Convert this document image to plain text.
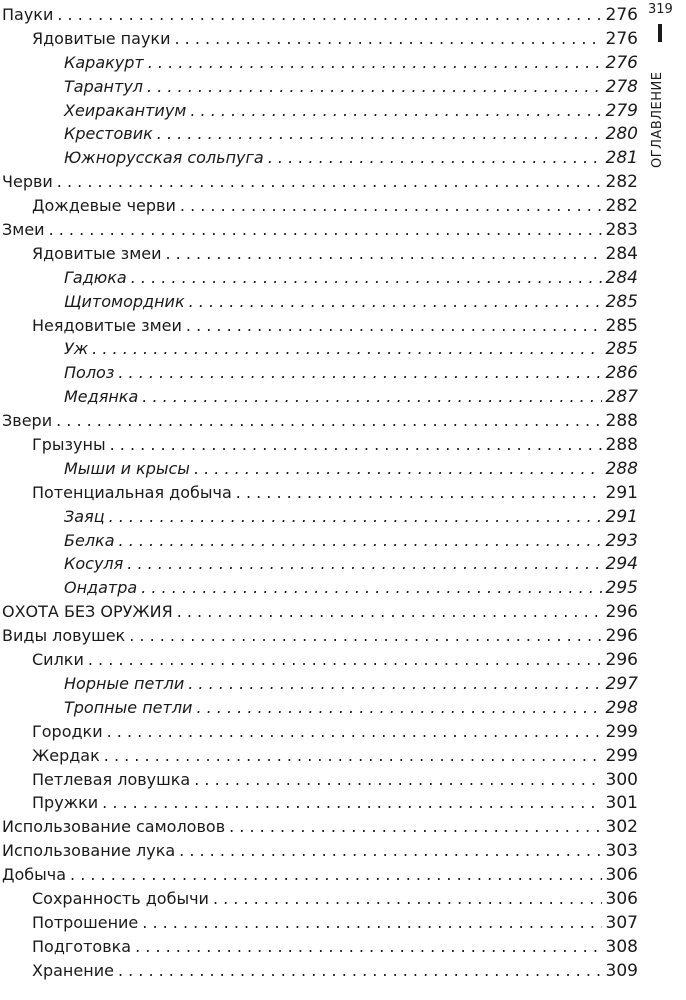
Пауки . . .	276
Ядовитые пауки . . .	276
Каракурт . . .	276
Тарантул . . .	278
Хеиракантиум . . .	279
Крестовик . . .	280
Южнорусская сольпуга . . .	281
Черви . . .	282
Дождевые черви . . .	282
Змеи . . .	283
Ядовитые змеи . . .	284
Гадюка . . .	284
Щитомордник . . .	285
Неядовитые змеи . . .	285
Уж . . .	285
Полоз . . .	286
Медянка . . .	287
Звери . . .	288
Грызуны . . .	288
Мыши и крысы . . .	288
Потенциальная добыча . . .	291
Заяц . . .	291
Белка . . .	293
Косуля . . .	294
Ондатра . . .	295
ОХОТА БЕЗ ОРУЖИЯ . . .	296
Виды ловушек . . .	296
Силки . . .	296
Норные петли . . .	297
Тропные петли . . .	298
Городки . . .	299
Жердак . . .	299
Петлевая ловушка . . .	300
Пружки . . .	301
Использование самоловов . . .	302
Использование лука . . .	303
Добыча . . .	306
Сохранность добычи . . .	306
Потрошение . . .	307
Подготовка . . .	308
Хранение . . .	309
319
ОГЛАВЛЕНИЕ
